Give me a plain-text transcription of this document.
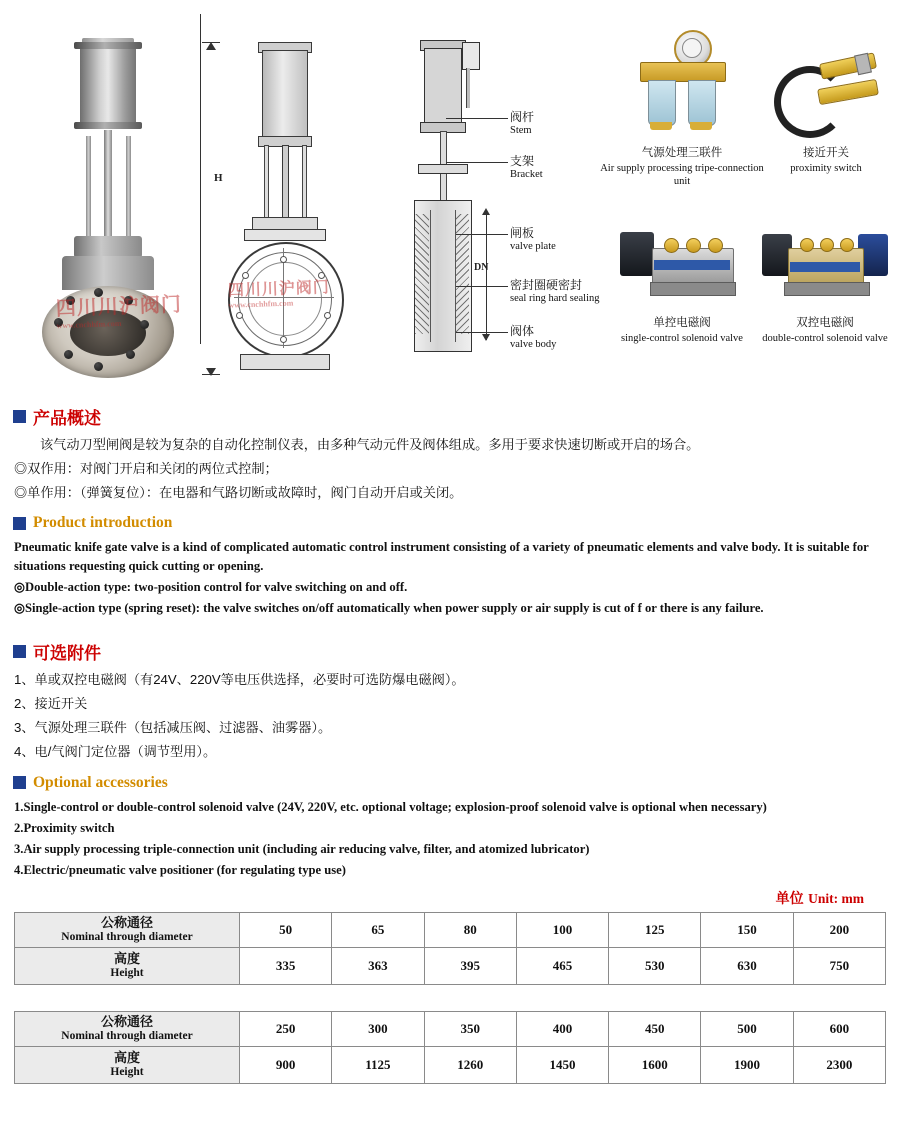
四川川沪阀门
www.cnchhfm.com
H
四川川沪阀门
www.cnchhfm.com
DN
阀杆
Stem
支架
Bracket
闸板
valve plate
密封圈硬密封
seal ring hard sealing
阀体
valve body
气源处理三联件
Air supply processing tripe-connection unit
接近开关
proximity switch
单控电磁阀
single-control solenoid valve
双控电磁阀
double-control solenoid valve
产品概述
该气动刀型闸阀是较为复杂的自动化控制仪表，由多种气动元件及阀体组成。多用于要求快速切断或开启的场合。
◎双作用：对阀门开启和关闭的两位式控制；
◎单作用：（弹簧复位）：在电器和气路切断或故障时，阀门自动开启或关闭。
Product introduction
Pneumatic knife gate valve is a kind of complicated automatic control instrument consisting of a variety of pneumatic elements and valve body. It is suitable for situations requesting quick cutting or opening.
◎Double-action type: two-position control for valve switching on and off.
◎Single-action type (spring reset): the valve switches on/off automatically when power supply or air supply is cut of f or there is any failure.
可选附件
1、单或双控电磁阀（有24V、220V等电压供选择，必要时可选防爆电磁阀）。
2、接近开关
3、气源处理三联件（包括减压阀、过滤器、油雾器）。
4、电/气阀门定位器（调节型用）。
Optional accessories
1.Single-control or double-control solenoid valve (24V, 220V, etc. optional voltage; explosion-proof solenoid valve is optional when necessary)
2.Proximity switch
3.Air supply processing triple-connection unit (including air reducing valve, filter, and atomized lubricator)
4.Electric/pneumatic valve positioner (for regulating type use)
单位 Unit: mm
公称通径
Nominal through diameter	50	65	80	100	125	150	200

高度
Height	335	363	395	465	530	630	750
公称通径
Nominal through diameter	250	300	350	400	450	500	600

高度
Height	900	1125	1260	1450	1600	1900	2300
